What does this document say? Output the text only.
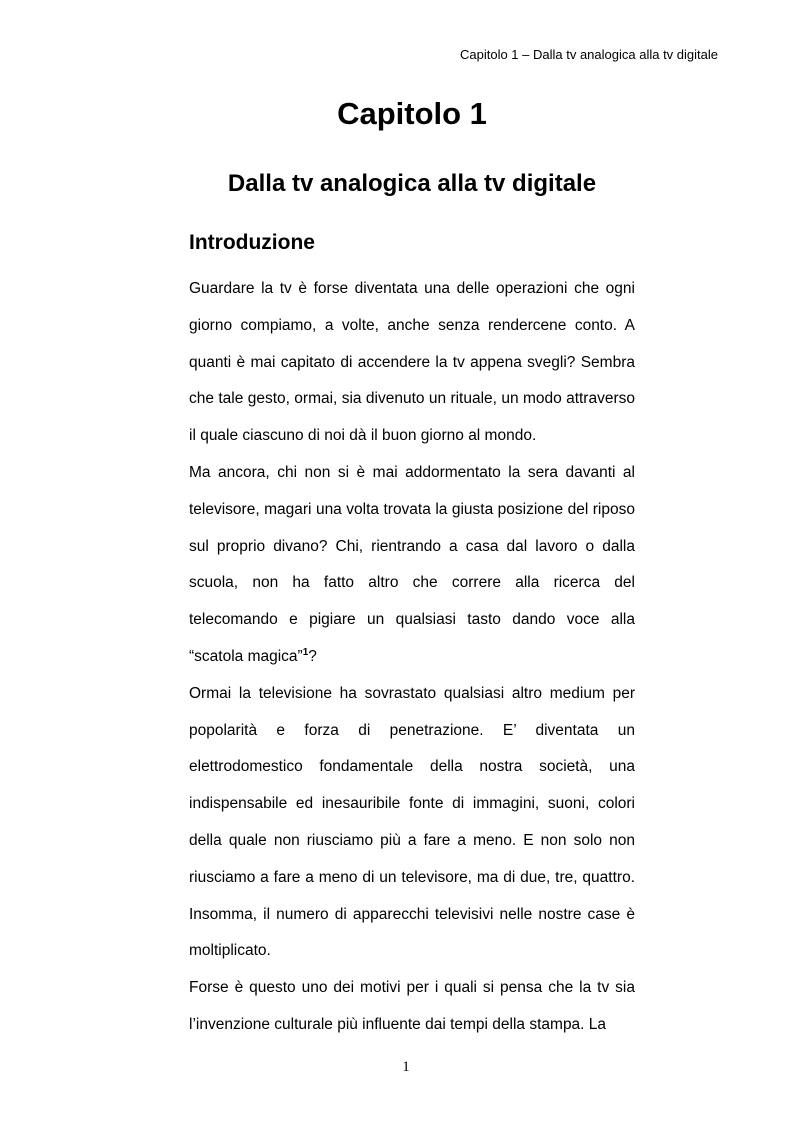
Capitolo 1 – Dalla tv analogica alla tv digitale
Capitolo 1
Dalla tv analogica alla tv digitale
Introduzione

Guardare la tv è forse diventata una delle operazioni che ogni giorno compiamo, a volte, anche senza rendercene conto. A quanti è mai capitato di accendere la tv appena svegli? Sembra che tale gesto, ormai, sia divenuto un rituale, un modo attraverso il quale ciascuno di noi dà il buon giorno al mondo.

Ma ancora, chi non si è mai addormentato la sera davanti al televisore, magari una volta trovata la giusta posizione del riposo sul proprio divano? Chi, rientrando a casa dal lavoro o dalla scuola, non ha fatto altro che correre alla ricerca del telecomando e pigiare un qualsiasi tasto dando voce alla “scatola magica”$^1$?

Ormai la televisione ha sovrastato qualsiasi altro medium per popolarità e forza di penetrazione. E’ diventata un elettrodomestico fondamentale della nostra società, una indispensabile ed inesauribile fonte di immagini, suoni, colori della quale non riusciamo più a fare a meno. E non solo non riusciamo a fare a meno di un televisore, ma di due, tre, quattro. Insomma, il numero di apparecchi televisivi nelle nostre case è moltiplicato.

Forse è questo uno dei motivi per i quali si pensa che la tv sia l’invenzione culturale più influente dai tempi della stampa. La

1
